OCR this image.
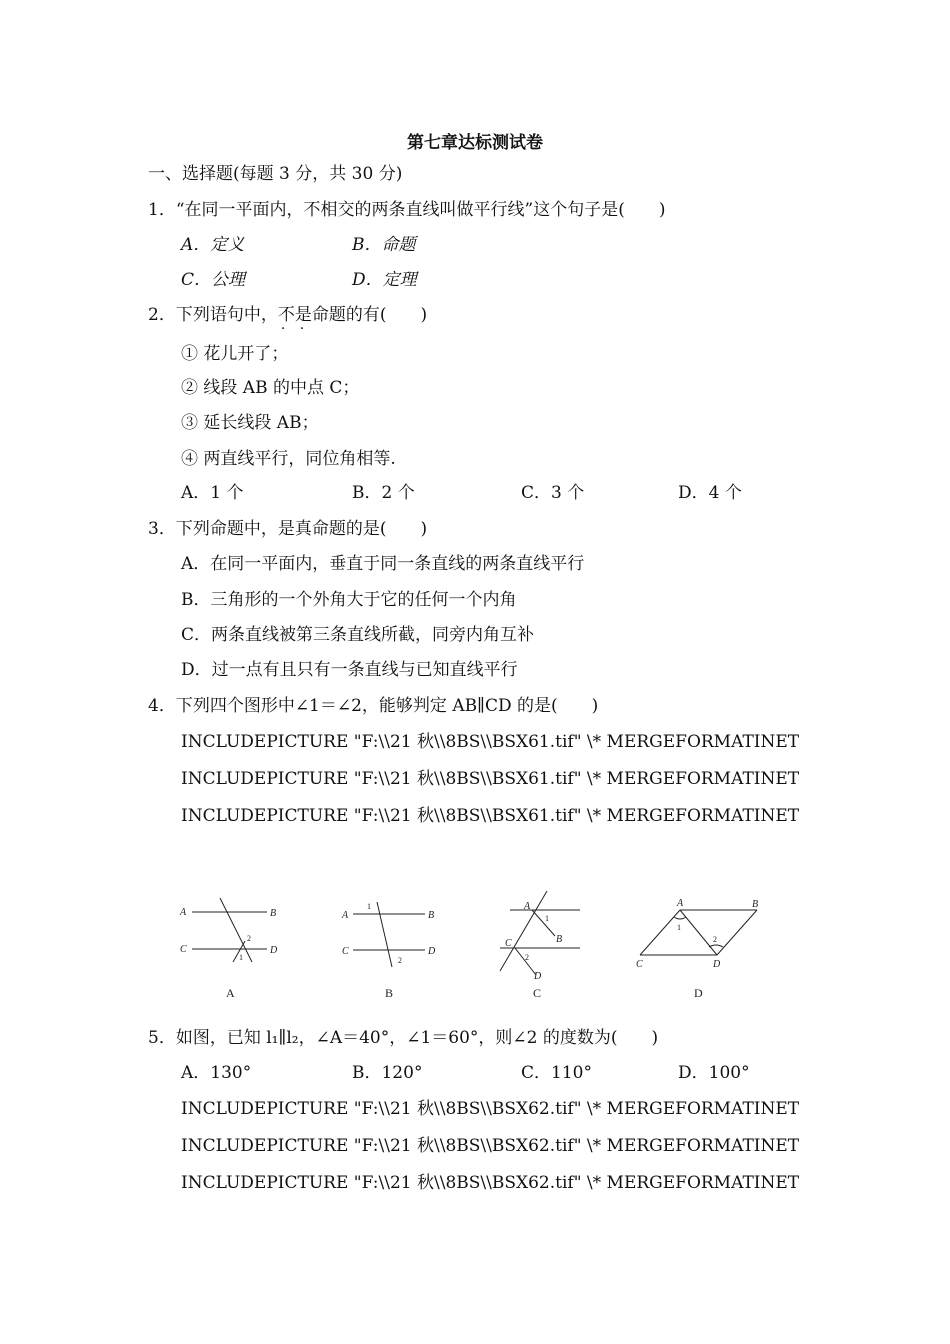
第七章达标测试卷
一、选择题(每题 3 分，共 30 分)
1．“在同一平面内，不相交的两条直线叫做平行线”这个句子是(　　)
A．定义	B．命题
C．公理	D．定理
2．下列语句中，不是 · ·命题的有(　　)
① 花儿开了；
② 线段 AB 的中点 C；
③ 延长线段 AB；
④ 两直线平行，同位角相等.
A．1 个	B．2 个	C．3 个	D．4 个
3．下列命题中，是真命题的是(　　)
A．在同一平面内，垂直于同一条直线的两条直线平行
B．三角形的一个外角大于它的任何一个内角
C．两条直线被第三条直线所截，同旁内角互补
D．过一点有且只有一条直线与已知直线平行
4．下列四个图形中∠1＝∠2，能够判定 AB∥CD 的是(　　)
INCLUDEPICTURE "F:\\21 秋\\8BS\\BSX61.tif" \* MERGEFORMATINET
INCLUDEPICTURE "F:\\21 秋\\8BS\\BSX61.tif" \* MERGEFORMATINET
INCLUDEPICTURE "F:\\21 秋\\8BS\\BSX61.tif" \* MERGEFORMATINET
A	B
C	D
A	B
C	D
A
B
C
D
A	B
C	D
1
2
1
2
1
2
1
2
A	B	C	D
5．如图，已知 l₁∥l₂，∠A＝40°，∠1＝60°，则∠2 的度数为(　　)
A．130°	B．120°	C．110°	D．100°
INCLUDEPICTURE "F:\\21 秋\\8BS\\BSX62.tif" \* MERGEFORMATINET
INCLUDEPICTURE "F:\\21 秋\\8BS\\BSX62.tif" \* MERGEFORMATINET
INCLUDEPICTURE "F:\\21 秋\\8BS\\BSX62.tif" \* MERGEFORMATINET
